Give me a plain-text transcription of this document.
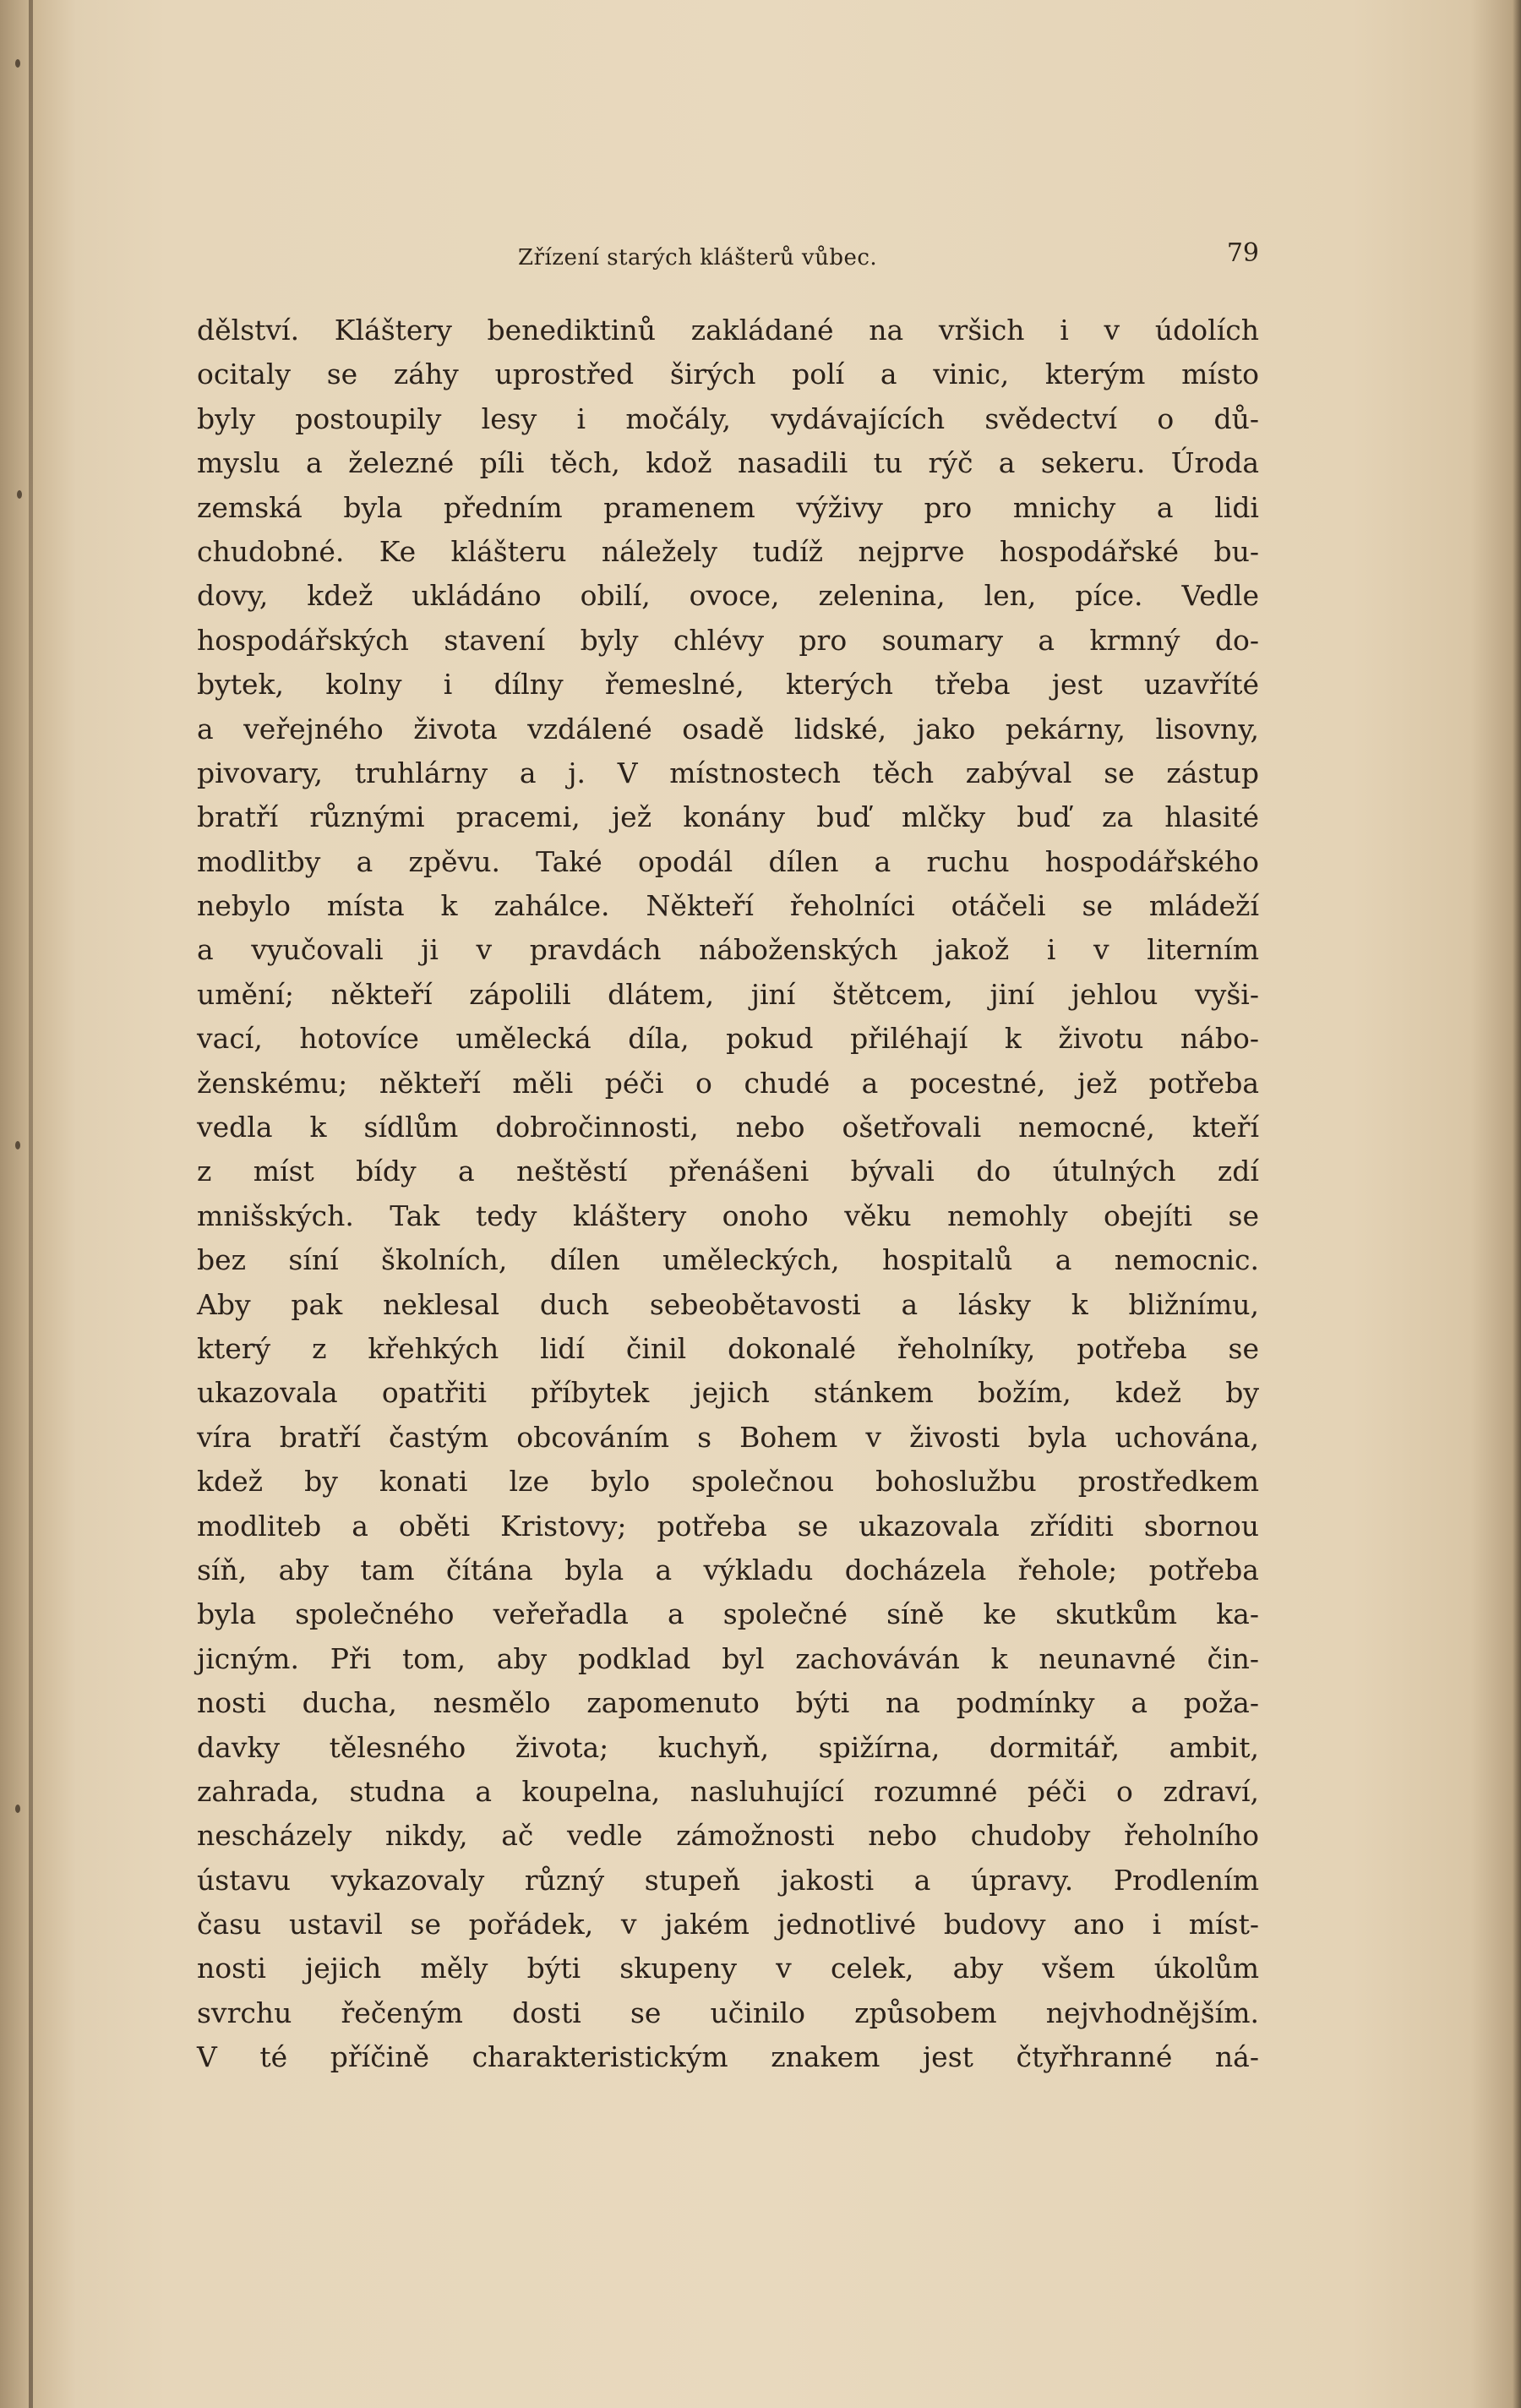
Zřízení starých klášterů vůbec.	79
dělství. Kláštery benediktinů zakládané na vršich i v údolích
ocitaly se záhy uprostřed širých polí a vinic, kterým místo
byly postoupily lesy i močály, vydávajících svědectví o dů-
myslu a železné píli těch, kdož nasadili tu rýč a sekeru. Úroda
zemská byla předním pramenem výživy pro mnichy a lidi
chudobné. Ke klášteru náležely tudíž nejprve hospodářské bu-
dovy, kdež ukládáno obilí, ovoce, zelenina, len, píce. Vedle
hospodářských stavení byly chlévy pro soumary a krmný do-
bytek, kolny i dílny řemeslné, kterých třeba jest uzavříté
a veřejného života vzdálené osadě lidské, jako pekárny, lisovny,
pivovary, truhlárny a j. V místnostech těch zabýval se zástup
bratří různými pracemi, jež konány buď mlčky buď za hlasité
modlitby a zpěvu. Také opodál dílen a ruchu hospodářského
nebylo místa k zahálce. Někteří řeholníci otáčeli se mládeží
a vyučovali ji v pravdách náboženských jakož i v literním
umění; někteří zápolili dlátem, jiní štětcem, jiní jehlou vyši-
vací, hotovíce umělecká díla, pokud přiléhají k životu nábo-
ženskému; někteří měli péči o chudé a pocestné, jež potřeba
vedla k sídlům dobročinnosti, nebo ošetřovali nemocné, kteří
z míst bídy a neštěstí přenášeni bývali do útulných zdí
mnišských. Tak tedy kláštery onoho věku nemohly obejíti se
bez síní školních, dílen uměleckých, hospitalů a nemocnic.
Aby pak neklesal duch sebeobětavosti a lásky k bližnímu,
který z křehkých lidí činil dokonalé řeholníky, potřeba se
ukazovala opatřiti příbytek jejich stánkem božím, kdež by
víra bratří častým obcováním s Bohem v živosti byla uchována,
kdež by konati lze bylo společnou bohoslužbu prostředkem
modliteb a oběti Kristovy; potřeba se ukazovala zříditi sbornou
síň, aby tam čítána byla a výkladu docházela řehole; potřeba
byla společného veřeřadla a společné síně ke skutkům ka-
jicným. Při tom, aby podklad byl zachováván k neunavné čin-
nosti ducha, nesmělo zapomenuto býti na podmínky a poža-
davky tělesného života; kuchyň, spižírna, dormitář, ambit,
zahrada, studna a koupelna, nasluhující rozumné péči o zdraví,
nescházely nikdy, ač vedle zámožnosti nebo chudoby řeholního
ústavu vykazovaly různý stupeň jakosti a úpravy. Prodlením
času ustavil se pořádek, v jakém jednotlivé budovy ano i míst-
nosti jejich měly býti skupeny v celek, aby všem úkolům
svrchu řečeným dosti se učinilo způsobem nejvhodnějším.
V té příčině charakteristickým znakem jest čtyřhranné ná-
